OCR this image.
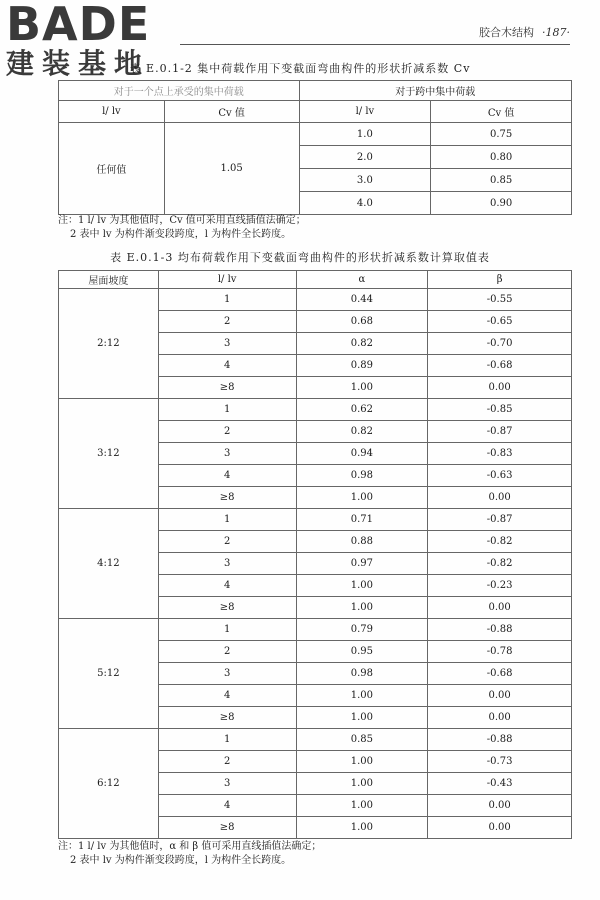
BADE
建装基地
胶合木结构 ·187·
表 E.0.1-2 集中荷载作用下变截面弯曲构件的形状折减系数 Cv
对于一个点上承受的集中荷载		对于跨中集中荷载	
l/ lv	Cv 值	l/ lv	Cv 值
任何值	1.05	1.0	0.75
		2.0	0.80
		3.0	0.85
		4.0	0.90
注：1 l/ lv 为其他值时，Cv 值可采用直线插值法确定；
2 表中 lv 为构件渐变段跨度，l 为构件全长跨度。
表 E.0.1-3 均布荷载作用下变截面弯曲构件的形状折减系数计算取值表
屋面坡度	l/ lv	α	β
2:12	1	0.44	-0.55
	2	0.68	-0.65
	3	0.82	-0.70
	4	0.89	-0.68
	≥8	1.00	0.00
3:12	1	0.62	-0.85
	2	0.82	-0.87
	3	0.94	-0.83
	4	0.98	-0.63
	≥8	1.00	0.00
4:12	1	0.71	-0.87
	2	0.88	-0.82
	3	0.97	-0.82
	4	1.00	-0.23
	≥8	1.00	0.00
5:12	1	0.79	-0.88
	2	0.95	-0.78
	3	0.98	-0.68
	4	1.00	0.00
	≥8	1.00	0.00
6:12	1	0.85	-0.88
	2	1.00	-0.73
	3	1.00	-0.43
	4	1.00	0.00
	≥8	1.00	0.00
注：1 l/ lv 为其他值时，α 和 β 值可采用直线插值法确定；
2 表中 lv 为构件渐变段跨度，l 为构件全长跨度。
